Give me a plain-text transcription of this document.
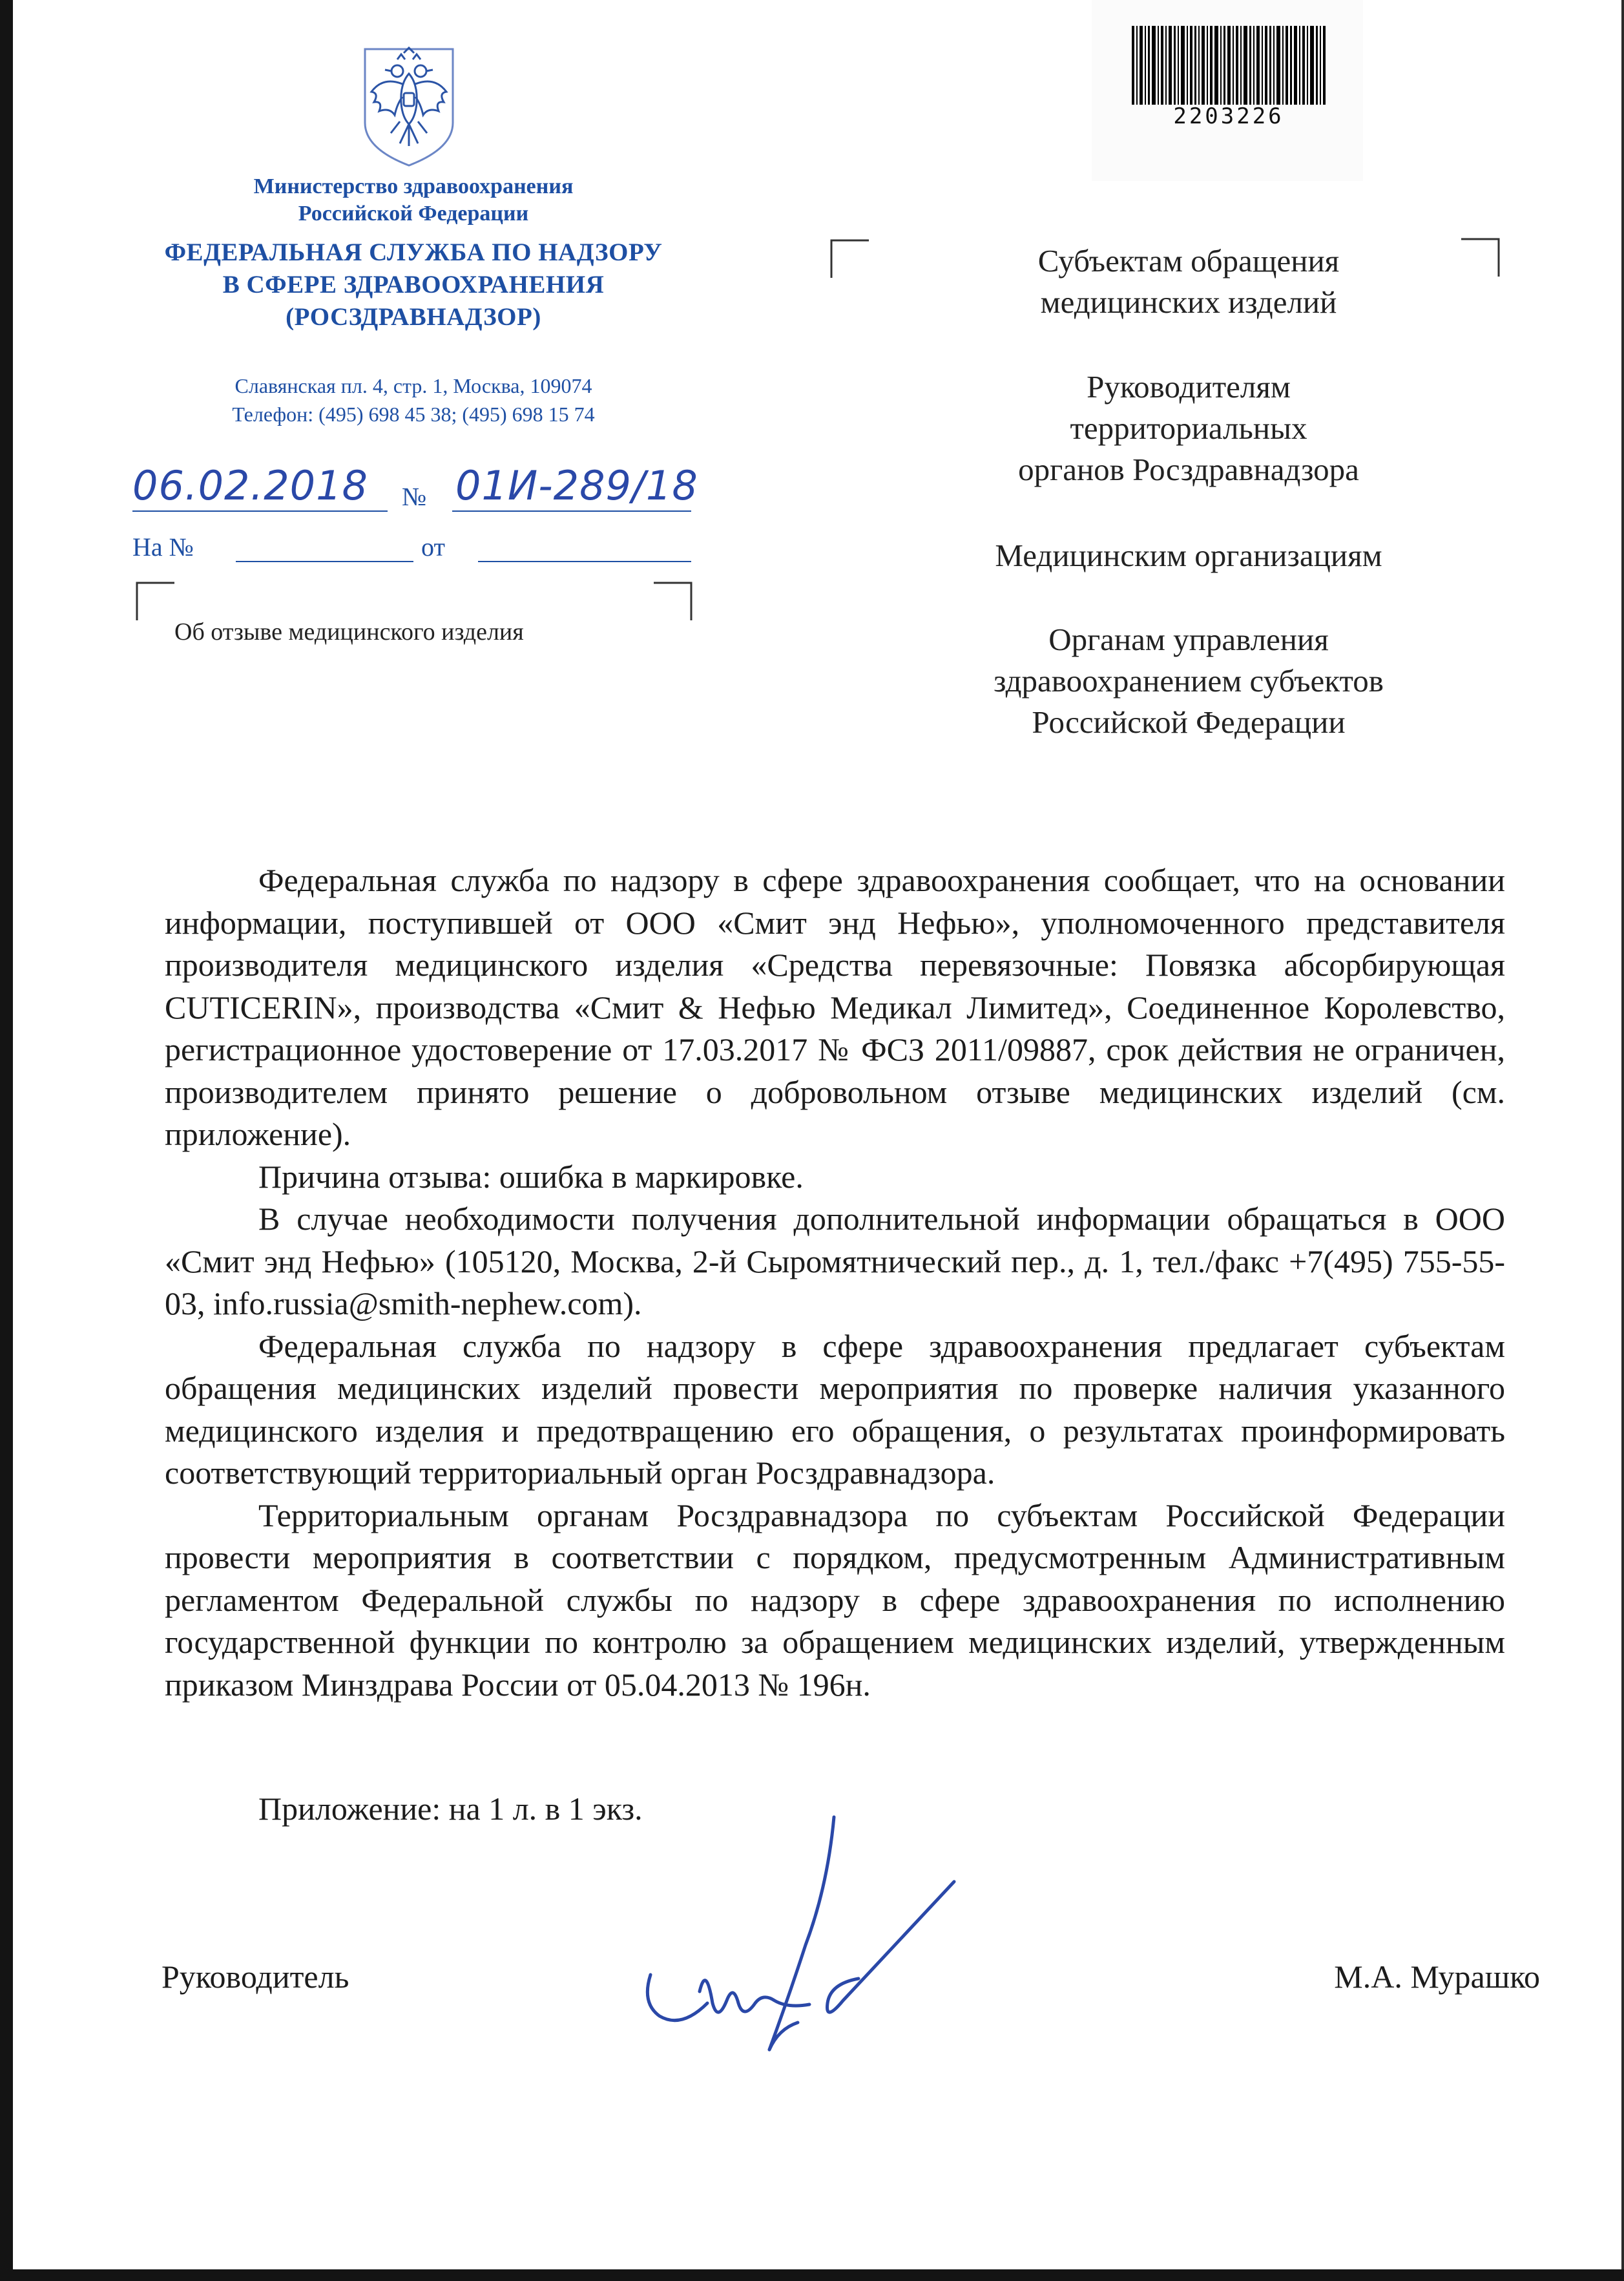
2203226
Министерство здравоохранения
Российской Федерации
ФЕДЕРАЛЬНАЯ СЛУЖБА ПО НАДЗОРУ
В СФЕРЕ ЗДРАВООХРАНЕНИЯ
(РОСЗДРАВНАДЗОР)
Славянская пл. 4, стр. 1, Москва, 109074
Телефон: (495) 698 45 38; (495) 698 15 74
06.02.2018 № 01И-289/18
На №	от
Об отзыве медицинского изделия
Субъектам обращения
медицинских изделий
Руководителям
территориальных
органов Росздравнадзора
Медицинским организациям
Органам управления
здравоохранением субъектов
Российской Федерации

Федеральная служба по надзору в сфере здравоохранения сообщает, что на основании информации, поступившей от ООО «Смит энд Нефью», уполномоченного представителя производителя медицинского изделия «Средства перевязочные: Повязка абсорбирующая CUTICERIN», производства «Смит & Нефью Медикал Лимитед», Соединенное Королевство, регистрационное удостоверение от 17.03.2017 № ФСЗ 2011/09887, срок действия не ограничен, производителем принято решение о добровольном отзыве медицинских изделий (см. приложение).

Причина отзыва: ошибка в маркировке.

В случае необходимости получения дополнительной информации обращаться в ООО «Смит энд Нефью» (105120, Москва, 2-й Сыромятнический пер., д. 1, тел./факс +7(495) 755-55-03, info.russia@smith-nephew.com).

Федеральная служба по надзору в сфере здравоохранения предлагает субъектам обращения медицинских изделий провести мероприятия по проверке наличия указанного медицинского изделия и предотвращению его обращения, о результатах проинформировать соответствующий территориальный орган Росздравнадзора.

Территориальным органам Росздравнадзора по субъектам Российской Федерации провести мероприятия в соответствии с порядком, предусмотренным Административным регламентом Федеральной службы по надзору в сфере здравоохранения по исполнению государственной функции по контролю за обращением медицинских изделий, утвержденным приказом Минздрава России от 05.04.2013 № 196н.

Приложение: на 1 л. в 1 экз.
Руководитель	М.А. Мурашко
